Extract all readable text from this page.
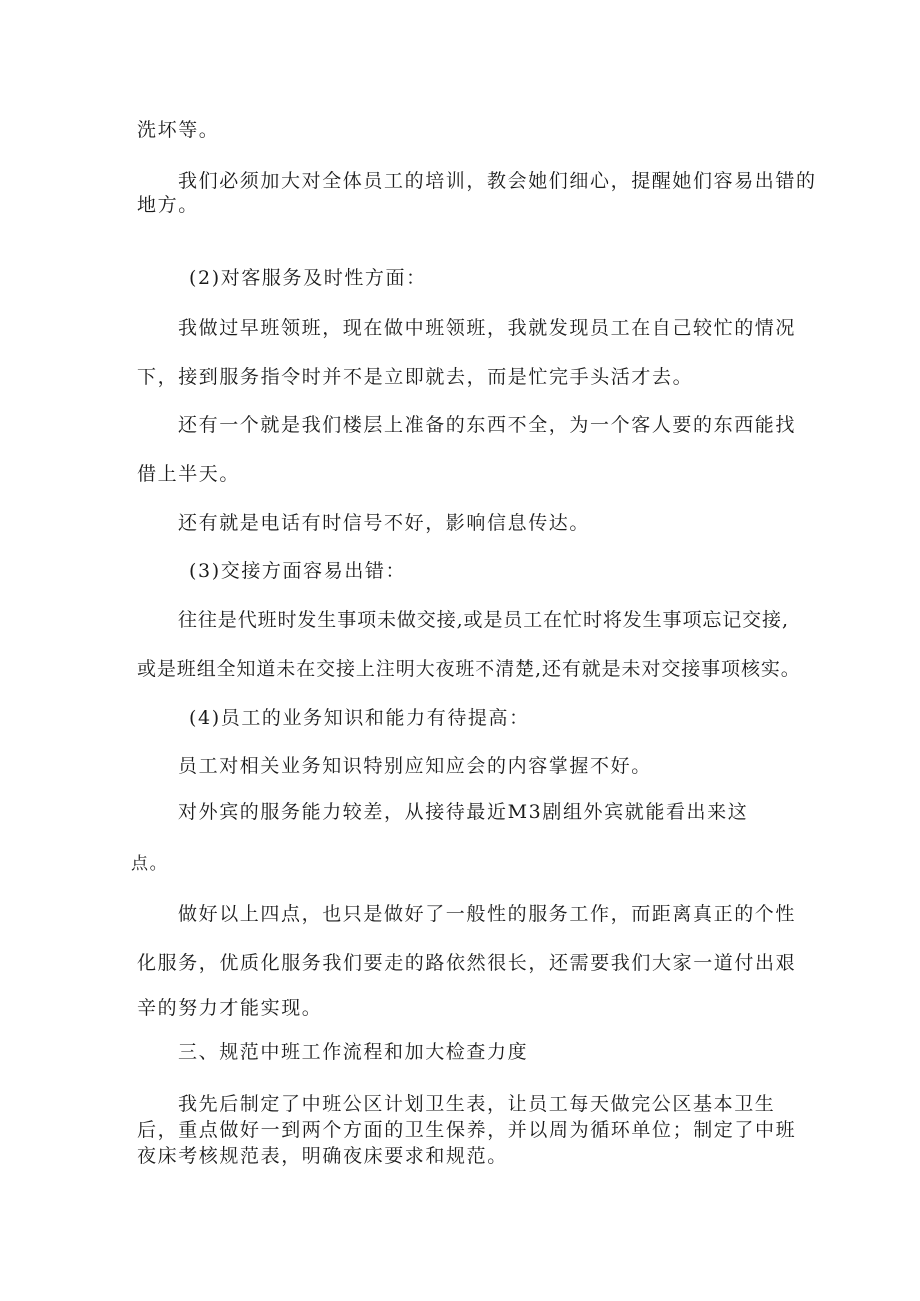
洗坏等。
我们必须加大对全体员工的培训，教会她们细心，提醒她们容易出错的
地方。
(2)对客服务及时性方面：
我做过早班领班，现在做中班领班，我就发现员工在自己较忙的情况
下，接到服务指令时并不是立即就去，而是忙完手头活才去。
还有一个就是我们楼层上准备的东西不全，为一个客人要的东西能找
借上半天。
还有就是电话有时信号不好，影响信息传达。
(3)交接方面容易出错：
往往是代班时发生事项未做交接,或是员工在忙时将发生事项忘记交接,
或是班组全知道未在交接上注明大夜班不清楚,还有就是未对交接事项核实。
(4)员工的业务知识和能力有待提高：
员工对相关业务知识特别应知应会的内容掌握不好。
对外宾的服务能力较差，从接待最近M3剧组外宾就能看出来这
点。
做好以上四点，也只是做好了一般性的服务工作，而距离真正的个性
化服务，优质化服务我们要走的路依然很长，还需要我们大家一道付出艰
辛的努力才能实现。
三、规范中班工作流程和加大检查力度
我先后制定了中班公区计划卫生表，让员工每天做完公区基本卫生
后，重点做好一到两个方面的卫生保养，并以周为循环单位；制定了中班
夜床考核规范表，明确夜床要求和规范。
